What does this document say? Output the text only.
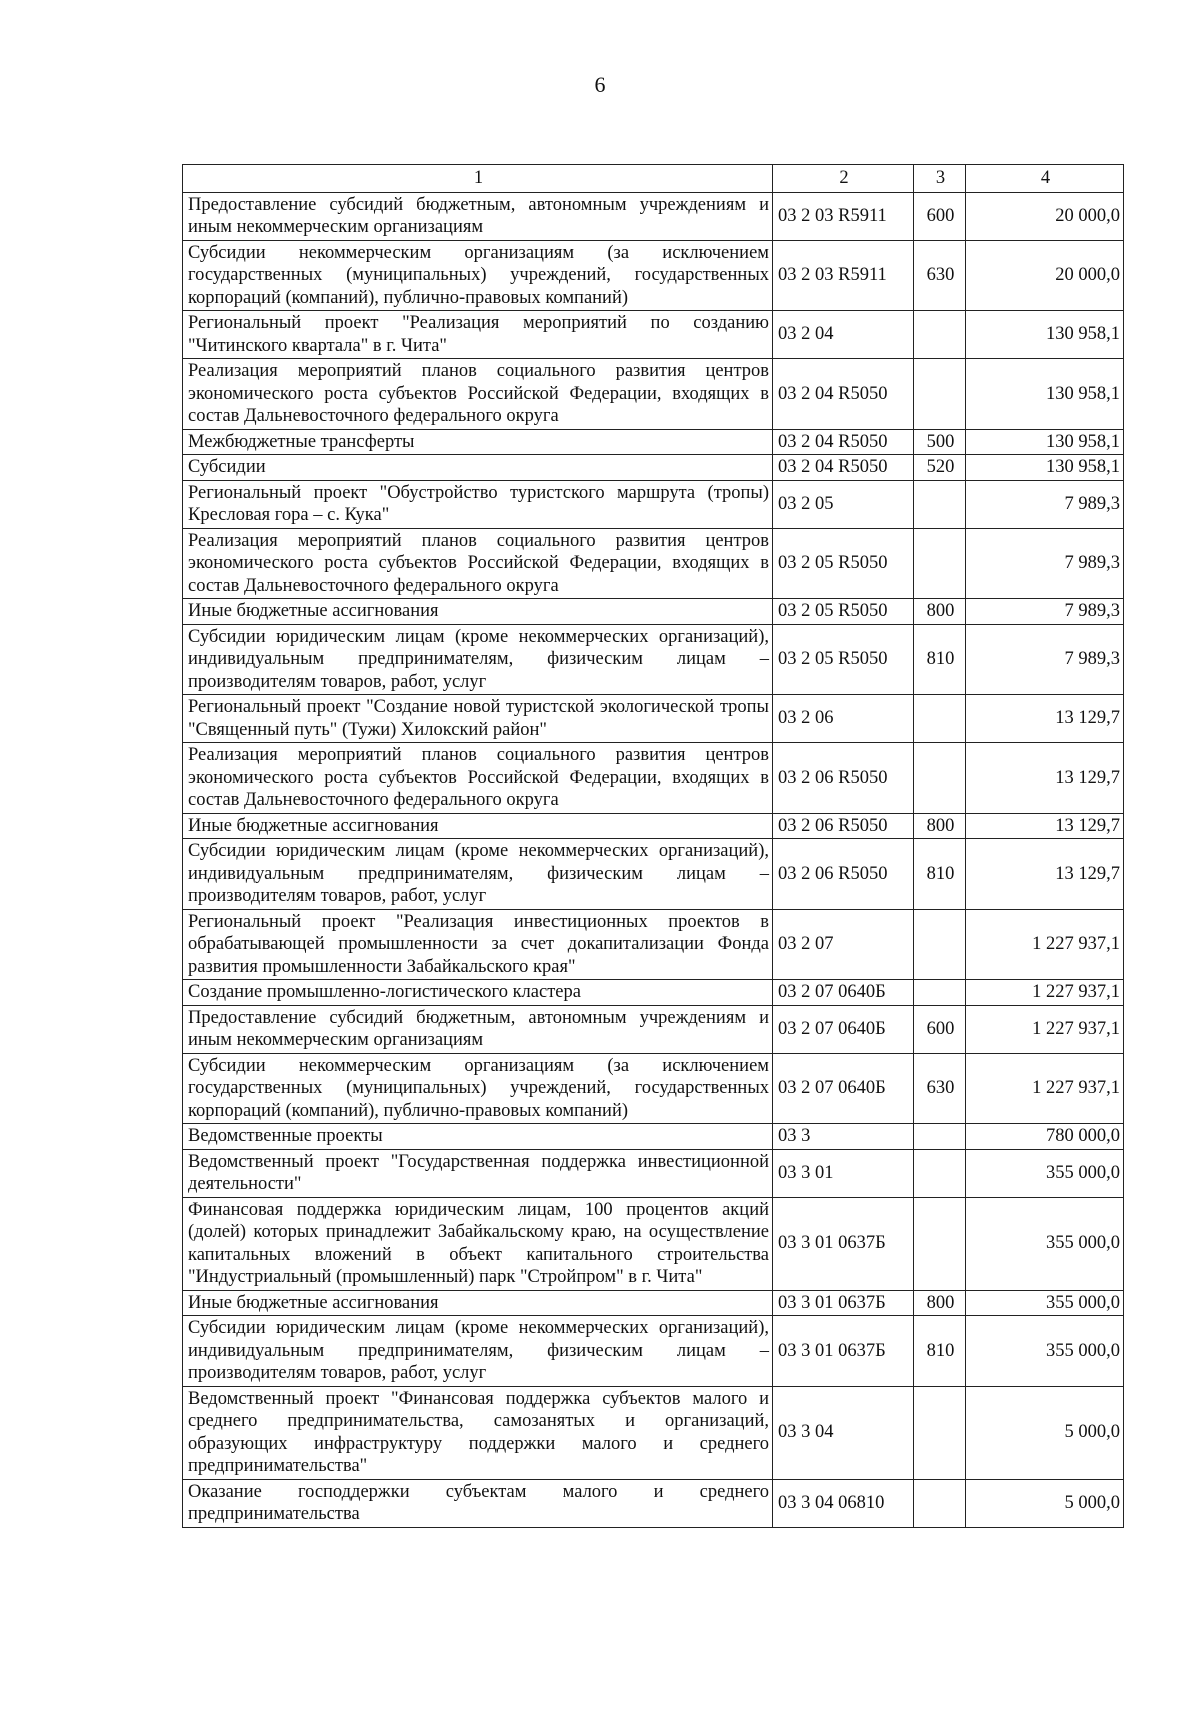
6
1	2	3	4
Предоставление субсидий бюджетным, автономным учреждениям и иным некоммерческим организациям	03 2 03 R5911	600	20 000,0
Субсидии некоммерческим организациям (за исключением государственных (муниципальных) учреждений, государственных корпораций (компаний), публично-правовых компаний)	03 2 03 R5911	630	20 000,0
Региональный проект "Реализация мероприятий по созданию "Читинского квартала" в г. Чита"	03 2 04		130 958,1
Реализация мероприятий планов социального развития центров экономического роста субъектов Российской Федерации, входящих в состав Дальневосточного федерального округа	03 2 04 R5050		130 958,1
Межбюджетные трансферты	03 2 04 R5050	500	130 958,1
Субсидии	03 2 04 R5050	520	130 958,1
Региональный проект "Обустройство туристского маршрута (тропы) Кресловая гора – с. Кука"	03 2 05		7 989,3
Реализация мероприятий планов социального развития центров экономического роста субъектов Российской Федерации, входящих в состав Дальневосточного федерального округа	03 2 05 R5050		7 989,3
Иные бюджетные ассигнования	03 2 05 R5050	800	7 989,3
Субсидии юридическим лицам (кроме некоммерческих организаций), индивидуальным предпринимателям, физическим лицам – производителям товаров, работ, услуг	03 2 05 R5050	810	7 989,3
Региональный проект "Создание новой туристской экологической тропы "Священный путь" (Тужи) Хилокский район"	03 2 06		13 129,7
Реализация мероприятий планов социального развития центров экономического роста субъектов Российской Федерации, входящих в состав Дальневосточного федерального округа	03 2 06 R5050		13 129,7
Иные бюджетные ассигнования	03 2 06 R5050	800	13 129,7
Субсидии юридическим лицам (кроме некоммерческих организаций), индивидуальным предпринимателям, физическим лицам – производителям товаров, работ, услуг	03 2 06 R5050	810	13 129,7
Региональный проект "Реализация инвестиционных проектов в обрабатывающей промышленности за счет докапитализации Фонда развития промышленности Забайкальского края"	03 2 07		1 227 937,1
Создание промышленно-логистического кластера	03 2 07 0640Б		1 227 937,1
Предоставление субсидий бюджетным, автономным учреждениям и иным некоммерческим организациям	03 2 07 0640Б	600	1 227 937,1
Субсидии некоммерческим организациям (за исключением государственных (муниципальных) учреждений, государственных корпораций (компаний), публично-правовых компаний)	03 2 07 0640Б	630	1 227 937,1
Ведомственные проекты	03 3		780 000,0
Ведомственный проект "Государственная поддержка инвестиционной деятельности"	03 3 01		355 000,0
Финансовая поддержка юридическим лицам, 100 процентов акций (долей) которых принадлежит Забайкальскому краю, на осуществление капитальных вложений в объект капитального строительства "Индустриальный (промышленный) парк "Стройпром" в г. Чита"	03 3 01 0637Б		355 000,0
Иные бюджетные ассигнования	03 3 01 0637Б	800	355 000,0
Субсидии юридическим лицам (кроме некоммерческих организаций), индивидуальным предпринимателям, физическим лицам – производителям товаров, работ, услуг	03 3 01 0637Б	810	355 000,0
Ведомственный проект "Финансовая поддержка субъектов малого и среднего предпринимательства, самозанятых и организаций, образующих инфраструктуру поддержки малого и среднего предпринимательства"	03 3 04		5 000,0
Оказание господдержки субъектам малого и среднего предпринимательства	03 3 04 06810		5 000,0
